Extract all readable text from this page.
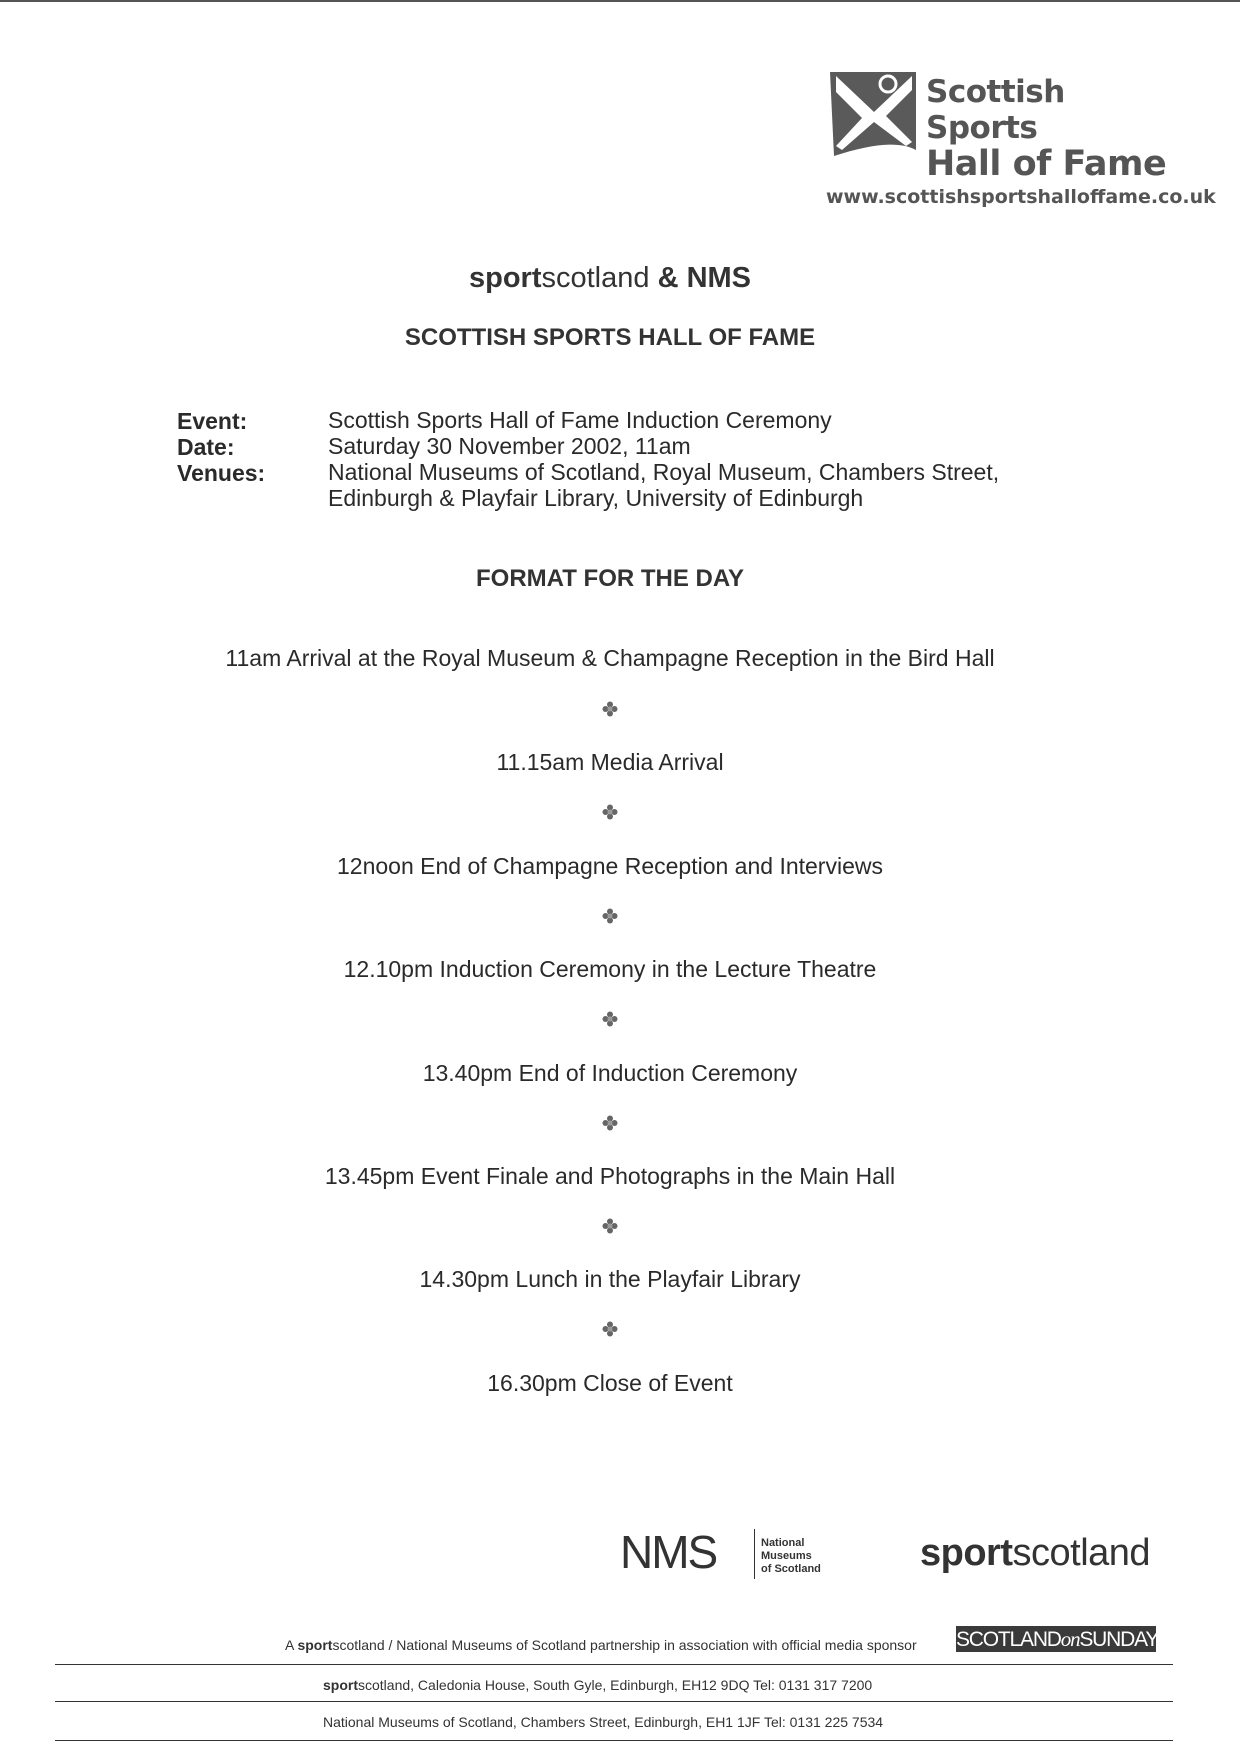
Scottish Sports
Hall of Fame
www.scottishsportshalloffame.co.uk
sportscotland & NMS
SCOTTISH SPORTS HALL OF FAME
Event:
Date:
Venues:
Scottish Sports Hall of Fame Induction Ceremony
Saturday 30 November 2002, 11am
National Museums of Scotland, Royal Museum, Chambers Street,
Edinburgh & Playfair Library, University of Edinburgh
FORMAT FOR THE DAY
11am Arrival at the Royal Museum & Champagne Reception in the Bird Hall
11.15am Media Arrival
12noon End of Champagne Reception and Interviews
12.10pm Induction Ceremony in the Lecture Theatre
13.40pm End of Induction Ceremony
13.45pm Event Finale and Photographs in the Main Hall
14.30pm Lunch in the Playfair Library
16.30pm Close of Event
NMS	National
Museums
of Scotland	sportscotland
A sportscotland / National Museums of Scotland partnership in association with official media sponsor SCOTLANDonSUNDAY
sportscotland, Caledonia House, South Gyle, Edinburgh, EH12 9DQ Tel: 0131 317 7200
National Museums of Scotland, Chambers Street, Edinburgh, EH1 1JF Tel: 0131 225 7534
